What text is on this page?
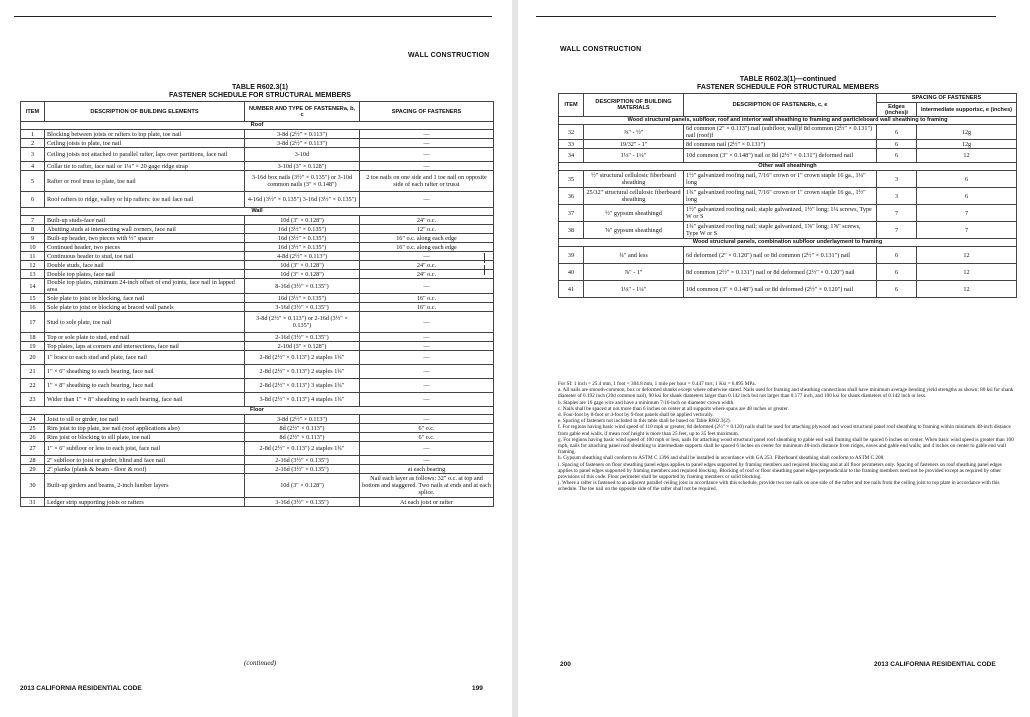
WALL CONSTRUCTION
TABLE R602.3(1)
FASTENER SCHEDULE FOR STRUCTURAL MEMBERS
ITEM	DESCRIPTION OF BUILDING ELEMENTS	NUMBER AND TYPE OF FASTENERa, b, c	SPACING OF FASTENERS
Roof			
1	Blocking between joists or rafters to top plate, toe nail	3-8d (2½" × 0.113")	—
2	Ceiling joists to plate, toe nail	3-8d (2½" × 0.113")	—
3	Ceiling joists not attached to parallel rafter, laps over partitions, face nail	3-10d	—
4	Collar tie to rafter, face nail or 1¼" × 20 gage ridge strap	3-10d (3" × 0.128")	—
5	Rafter or roof truss to plate, toe nail	3-16d box nails (3½" × 0.135") or 3-10d common nails (3" × 0.148")	2 toe nails on one side and 1 toe nail on opposite side of each rafter or trussi
6	Roof rafters to ridge, valley or hip rafters: toe nail face nail	4-16d (3½" × 0.135") 3-16d (3½" × 0.135")	—
Wall			
7	Built-up studs-face nail	10d (3" × 0.128")	24" o.c.
8	Abutting studs at intersecting wall corners, face nail	16d (3½" × 0.135")	12" o.c.
9	Built-up header, two pieces with ½" spacer	16d (3½" × 0.135")	16" o.c. along each edge
10	Continued header, two pieces	16d (3½" × 0.135")	16" o.c. along each edge
11	Continuous header to stud, toe nail	4-8d (2½" × 0.113")	—
12	Double studs, face nail	10d (3" × 0.128")	24" o.c.
13	Double top plates, face nail	10d (3" × 0.128")	24" o.c.
14	Double top plates, minimum 24-inch offset of end joints, face nail in lapped area	8-16d (3½" × 0.135")	—
15	Sole plate to joist or blocking, face nail	16d (3½" × 0.135")	16" o.c.
16	Sole plate to joist or blocking at braced wall panels	3-16d (3½" × 0.135")	16" o.c.
17	Stud to sole plate, toe nail	3-8d (2½" × 0.113") or 2-16d (3½" × 0.135")	—
18	Top or sole plate to stud, end nail	2-16d (3½" × 0.135")	—
19	Top plates, laps at corners and intersections, face nail	2-10d (3" × 0.128")	—
20	1" brace to each stud and plate, face nail	2-8d (2½" × 0.113") 2 staples 1¾"	—
21	1" × 6" sheathing to each bearing, face nail	2-8d (2½" × 0.113") 2 staples 1¾"	—
22	1" × 8" sheathing to each bearing, face nail	2-8d (2½" × 0.113") 3 staples 1¾"	—
23	Wider than 1" × 8" sheathing to each bearing, face nail	3-8d (2½" × 0.113") 4 staples 1¾"	—
Floor			
24	Joist to sill or girder, toe nail	3-8d (2½" × 0.113")	—
25	Rim joist to top plate, toe nail (roof applications also)	8d (2½" × 0.113")	6" o.c.
26	Rim joist or blocking to sill plate, toe nail	8d (2½" × 0.113")	6" o.c.
27	1" × 6" subfloor or less to each joist, face nail	2-8d (2½" × 0.113") 2 staples 1¾"	—
28	2" subfloor to joist or girder, blind and face nail	2-16d (3½" × 0.135")	—
29	2" planks (plank & beam - floor & roof)	2-16d (3½" × 0.135")	at each bearing
30	Built-up girders and beams, 2-inch lumber layers	10d (3" × 0.128")	Nail each layer as follows: 32" o.c. at top and bottom and staggered. Two nails at ends and at each splice.
31	Ledger strip supporting joists or rafters	3-16d (3½" × 0.135")	At each joist or rafter
(continued)
2013 CALIFORNIA RESIDENTIAL CODE	199
WALL CONSTRUCTION
TABLE R602.3(1)—continued
FASTENER SCHEDULE FOR STRUCTURAL MEMBERS
ITEM	DESCRIPTION OF BUILDING MATERIALS	DESCRIPTION OF FASTENERb, c, e	SPACING OF FASTENERS	
			Edges (inches)i	Intermediate supportsc, e (inches)
Wood structural panels, subfloor, roof and interior wall sheathing to framing and particleboard wall sheathing to framing				
32	⅜" - ½"	6d common (2" × 0.113") nail (subfloor, wall)f 8d common (2½" × 0.131") nail (roof)f	6	12g
33	19/32" - 1"	8d common nail (2½" × 0.131")	6	12g
34	1⅛" - 1¼"	10d common (3" × 0.148") nail or 8d (2½" × 0.131") deformed nail	6	12
Other wall sheathingh				
35	½" structural cellulosic fiberboard sheathing	1½" galvanized roofing nail, 7/16" crown or 1" crown staple 16 ga., 1¼" long	3	6
36	25/32" structural cellulosic fiberboard sheathing	1¾" galvanized roofing nail, 7/16" crown or 1" crown staple 16 ga., 1½" long	3	6
37	½" gypsum sheathingd	1½" galvanized roofing nail; staple galvanized, 1½" long; 1¼ screws, Type W or S	7	7
38	⅝" gypsum sheathingd	1¾" galvanized roofing nail; staple galvanized, 1⅝" long; 1⅝" screws, Type W or S	7	7
Wood structural panels, combination subfloor underlayment to framing				
39	¾" and less	6d deformed (2" × 0.120") nail or 8d common (2½" × 0.131") nail	6	12
40	⅞" - 1"	8d common (2½" × 0.131") nail or 8d deformed (2½" × 0.120") nail	6	12
41	1⅛" - 1¼"	10d common (3" × 0.148") nail or 8d deformed (2½" × 0.120") nail	6	12
For SI: 1 inch = 25.4 mm, 1 foot = 304.8 mm, 1 mile per hour = 0.447 m/s; 1 Ksi = 6.895 MPa.
a. All nails are smooth-common, box or deformed shanks except where otherwise stated. Nails used for framing and sheathing connections shall have minimum average bending yield strengths as shown: 80 ksi for shank diameter of 0.192 inch (20d common nail), 90 ksi for shank diameters larger than 0.142 inch but not larger than 0.177 inch, and 100 ksi for shank diameters of 0.142 inch or less.
b. Staples are 16 gage wire and have a minimum 7/16-inch on diameter crown width.
c. Nails shall be spaced at not more than 6 inches on center at all supports where spans are 48 inches or greater.
d. Four-foot by 8-foot or 4-foot by 9-foot panels shall be applied vertically.
e. Spacing of fasteners not included in this table shall be based on Table R602.3(2).
f. For regions having basic wind speed of 110 mph or greater, 8d deformed (2½" × 0.120) nails shall be used for attaching plywood and wood structural panel roof sheathing to framing within minimum 48-inch distance from gable end walls, if mean roof height is more than 25 feet, up to 35 feet maximum.
g. For regions having basic wind speed of 100 mph or less, nails for attaching wood structural panel roof sheathing to gable end wall framing shall be spaced 6 inches on center. When basic wind speed is greater than 100 mph, nails for attaching panel roof sheathing to intermediate supports shall be spaced 6 inches on center for minimum 48-inch distance from ridges, eaves and gable end walls; and 4 inches on center to gable end wall framing.
h. Gypsum sheathing shall conform to ASTM C 1396 and shall be installed in accordance with GA 253. Fiberboard sheathing shall conform to ASTM C 208.
i. Spacing of fasteners on floor sheathing panel edges applies to panel edges supported by framing members and required blocking and at all floor perimeters only. Spacing of fasteners on roof sheathing panel edges applies to panel edges supported by framing members and required blocking. Blocking of roof or floor sheathing panel edges perpendicular to the framing members need not be provided except as required by other provisions of this code. Floor perimeter shall be supported by framing members or solid blocking.
j. Where a rafter is fastened to an adjacent parallel ceiling joist in accordance with this schedule, provide two toe nails on one side of the rafter and toe nails from the ceiling joist to top plate in accordance with this schedule. The toe nail on the opposite side of the rafter shall not be required.
200	2013 CALIFORNIA RESIDENTIAL CODE
